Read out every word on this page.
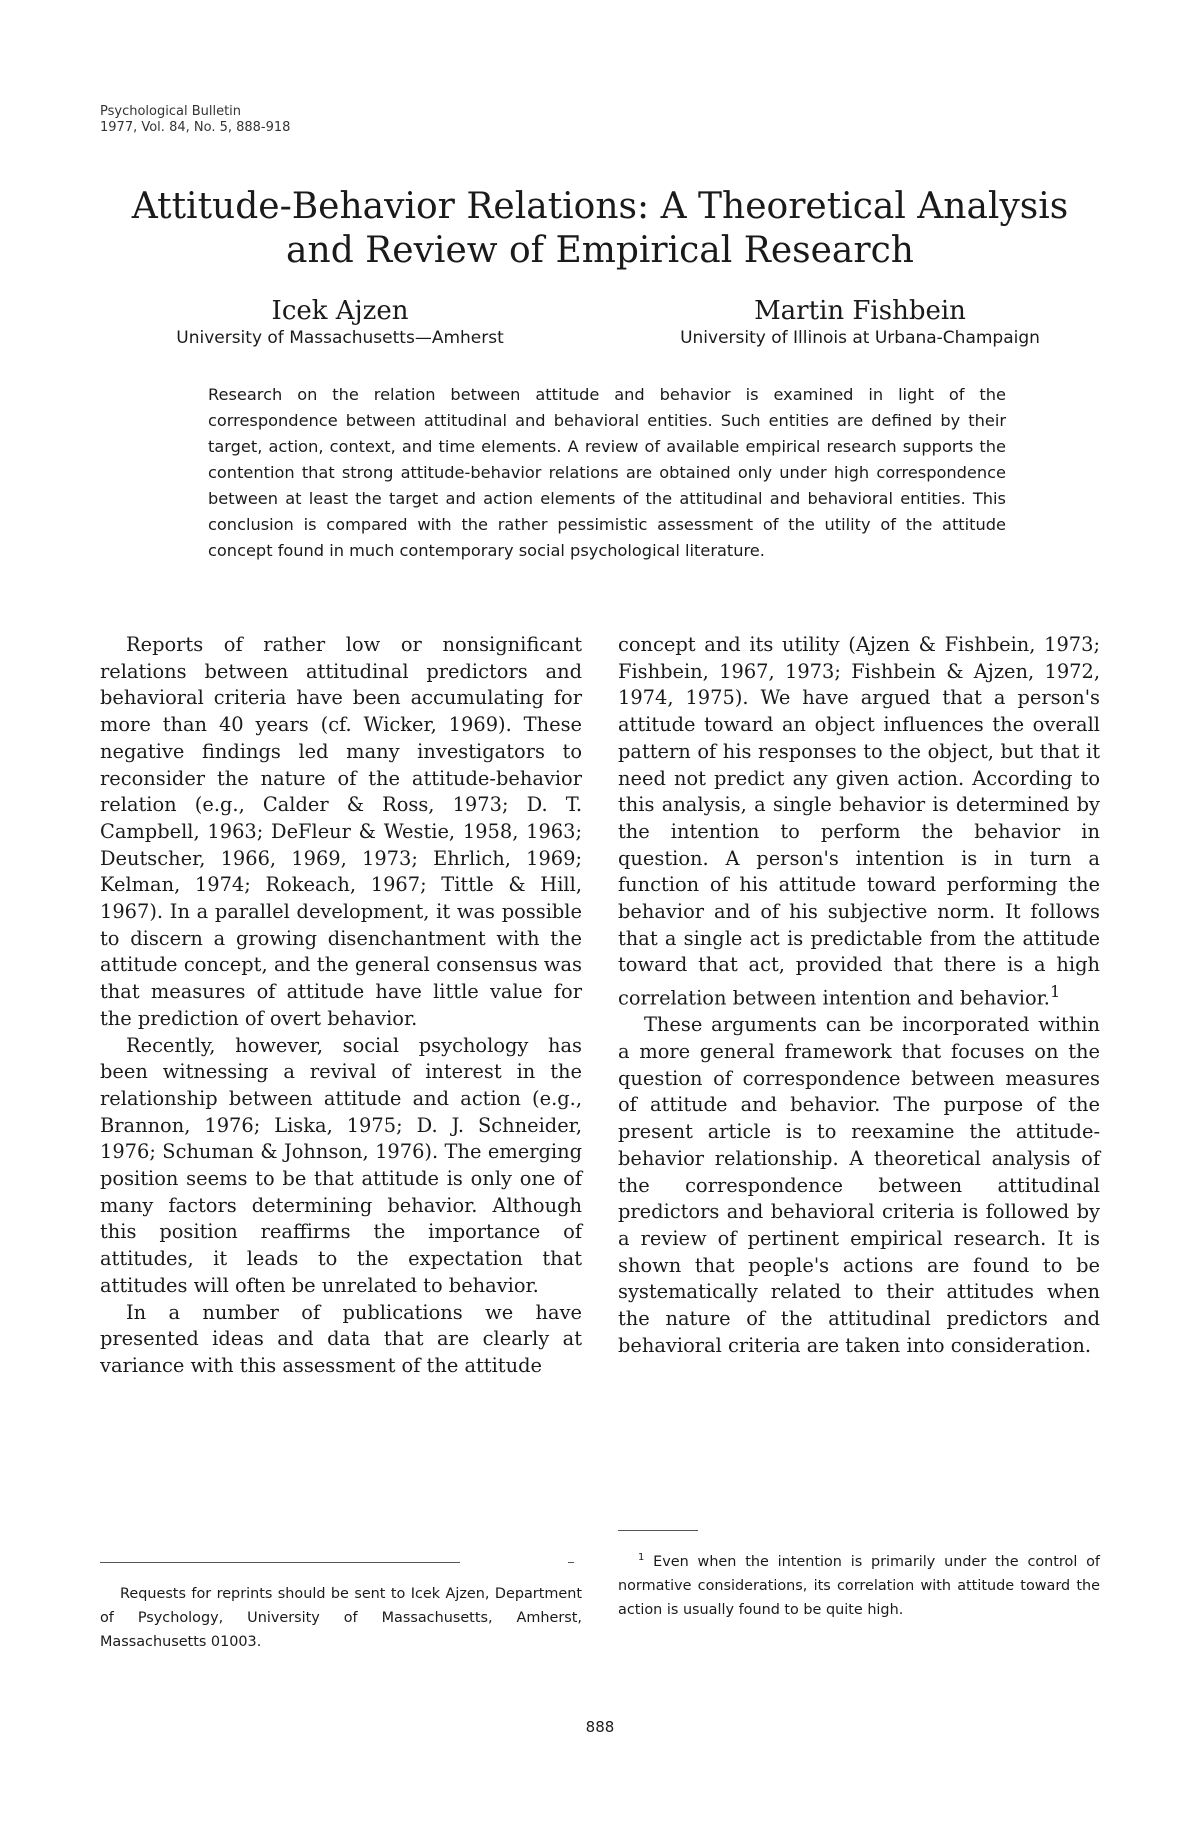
Psychological Bulletin
1977, Vol. 84, No. 5, 888-918
Attitude-Behavior Relations: A Theoretical Analysis
and Review of Empirical Research
Icek Ajzen
University of Massachusetts—Amherst
Martin Fishbein
University of Illinois at Urbana-Champaign

Research on the relation between attitude and behavior is examined in light of the correspondence between attitudinal and behavioral entities. Such entities are defined by their target, action, context, and time elements. A review of available empirical research supports the contention that strong attitude-behavior relations are obtained only under high correspondence between at least the target and action elements of the attitudinal and behavioral entities. This conclusion is compared with the rather pessimistic assessment of the utility of the attitude concept found in much contemporary social psychological literature.

Reports of rather low or nonsignificant relations between attitudinal predictors and behavioral criteria have been accumulating for more than 40 years (cf. Wicker, 1969). These negative findings led many investigators to reconsider the nature of the attitude-behavior relation (e.g., Calder & Ross, 1973; D. T. Campbell, 1963; DeFleur & Westie, 1958, 1963; Deutscher, 1966, 1969, 1973; Ehrlich, 1969; Kelman, 1974; Rokeach, 1967; Tittle & Hill, 1967). In a parallel development, it was possible to discern a growing disenchantment with the attitude concept, and the general consensus was that measures of attitude have little value for the prediction of overt behavior.

Recently, however, social psychology has been witnessing a revival of interest in the relationship between attitude and action (e.g., Brannon, 1976; Liska, 1975; D. J. Schneider, 1976; Schuman & Johnson, 1976). The emerging position seems to be that attitude is only one of many factors determining behavior. Although this position reaffirms the importance of attitudes, it leads to the expectation that attitudes will often be unrelated to behavior.

In a number of publications we have presented ideas and data that are clearly at variance with this assessment of the attitude

concept and its utility (Ajzen & Fishbein, 1973; Fishbein, 1967, 1973; Fishbein & Ajzen, 1972, 1974, 1975). We have argued that a person's attitude toward an object influences the overall pattern of his responses to the object, but that it need not predict any given action. According to this analysis, a single behavior is determined by the intention to perform the behavior in question. A person's intention is in turn a function of his attitude toward performing the behavior and of his subjective norm. It follows that a single act is predictable from the attitude toward that act, provided that there is a high correlation between intention and behavior.$^1$

These arguments can be incorporated within a more general framework that focuses on the question of correspondence between measures of attitude and behavior. The purpose of the present article is to reexamine the attitude-behavior relationship. A theoretical analysis of the correspondence between attitudinal predictors and behavioral criteria is followed by a review of pertinent empirical research. It is shown that people's actions are found to be systematically related to their attitudes when the nature of the attitudinal predictors and behavioral criteria are taken into consideration.

Requests for reprints should be sent to Icek Ajzen, Department of Psychology, University of Massachusetts, Amherst, Massachusetts 01003.

$^1$ Even when the intention is primarily under the control of normative considerations, its correlation with attitude toward the action is usually found to be quite high.

888
